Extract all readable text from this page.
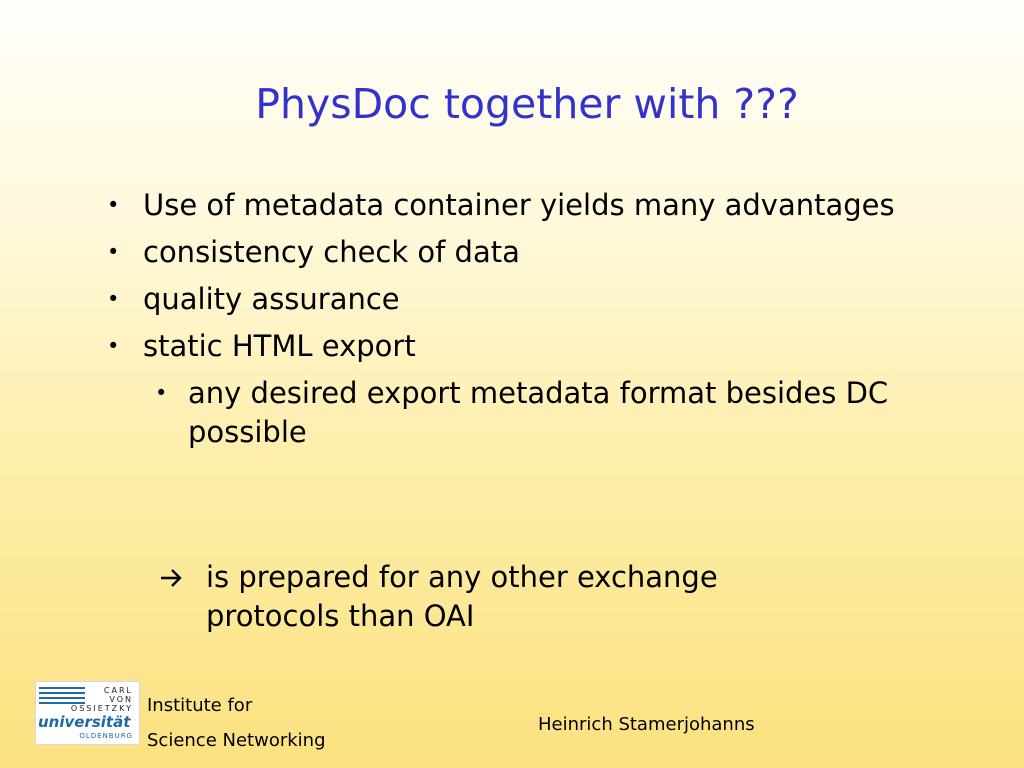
PhysDoc together with ???
• Use of metadata container yields many advantages
• consistency check of data
• quality assurance
• static HTML export
• any desired export metadata format besides DC possible
is prepared for any other exchange
protocols than OAI
CARL
VON
OSSIETZKY
universität
OLDENBURG
Institute for
Science Networking
Heinrich Stamerjohanns
